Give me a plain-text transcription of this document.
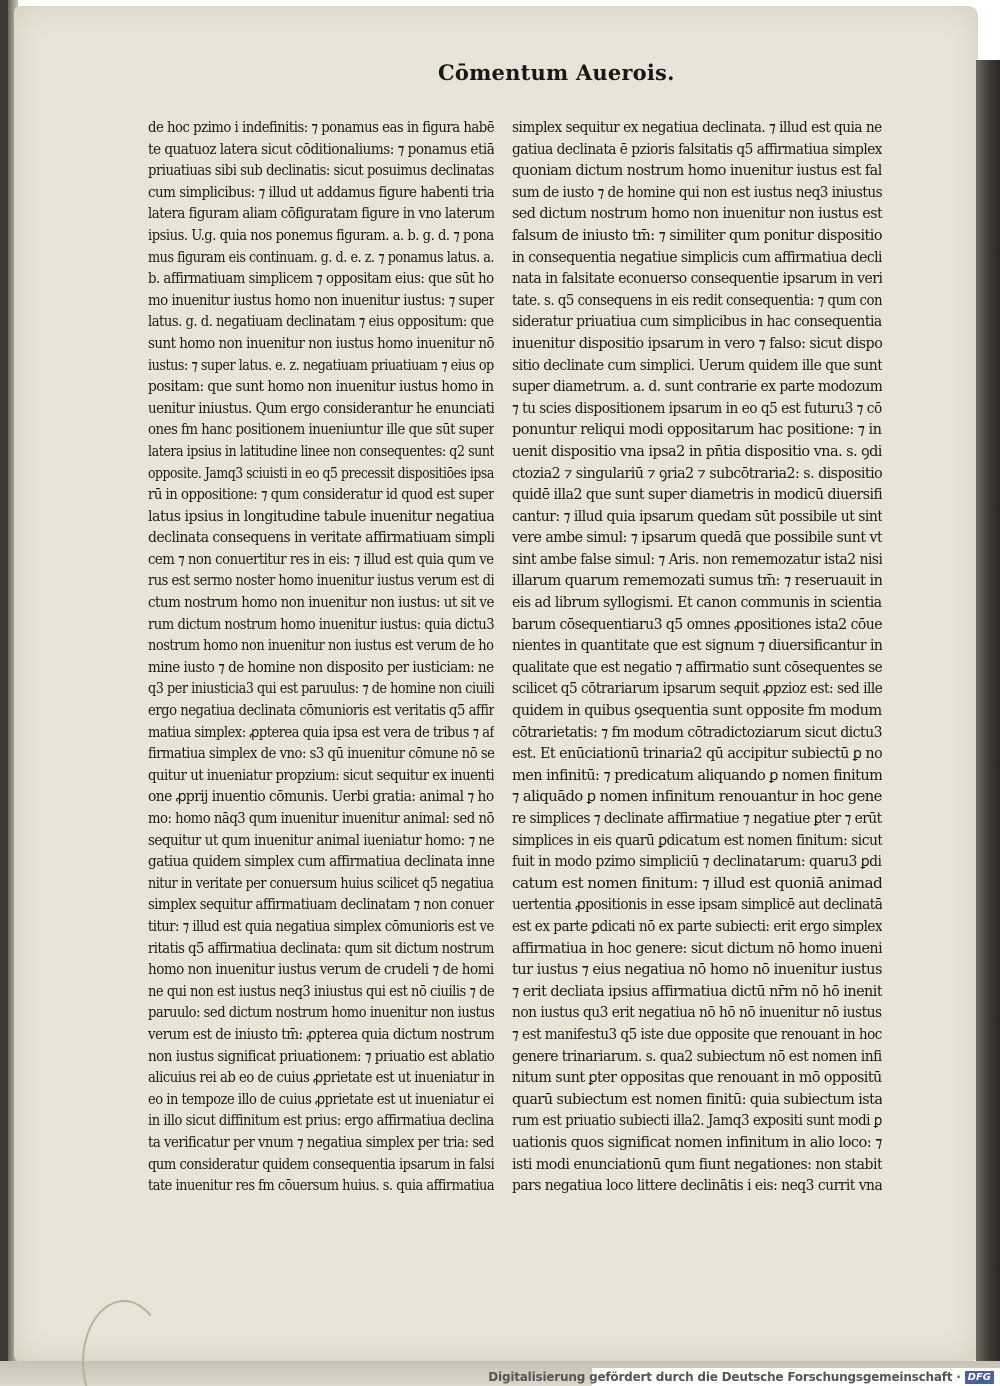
Cōmentum Auerois.
de hoc pzimo i indefinitis: ⁊ ponamus eas in figura habē
te quatuoz latera sicut cōditionaliums: ⁊ ponamus etiā
priuatiuas sibi sub declinatis: sicut posuimus declinatas
cum simplicibus: ⁊ illud ut addamus figure habenti tria
latera figuram aliam cōfiguratam figure in vno laterum
ipsius. U.g. quia nos ponemus figuram. a. b. g. d. ⁊ pona
mus figuram eis continuam. g. d. e. z. ⁊ ponamus latus. a.
b. affirmatiuam simplicem ⁊ oppositam eius: que sūt ho
mo inuenitur iustus homo non inuenitur iustus: ⁊ super
latus. g. d. negatiuam declinatam ⁊ eius oppositum: que
sunt homo non inuenitur non iustus homo inuenitur nō
iustus: ⁊ super latus. e. z. negatiuam priuatiuam ⁊ eius op
positam: que sunt homo non inuenitur iustus homo in
uenitur iniustus. Qum ergo considerantur he enunciati
ones fm hanc positionem inueniuntur ille que sūt super
latera ipsius in latitudine linee non consequentes: q2 sunt
opposite. Jamq3 sciuisti in eo q5 precessit dispositiōes ipsa
rū in oppositione: ⁊ qum consideratur id quod est super
latus ipsius in longitudine tabule inuenitur negatiua
declinata consequens in veritate affirmatiuam simpli
cem ⁊ non conuertitur res in eis: ⁊ illud est quia qum ve
rus est sermo noster homo inuenitur iustus verum est di
ctum nostrum homo non inuenitur non iustus: ut sit ve
rum dictum nostrum homo inuenitur iustus: quia dictu3
nostrum homo non inuenitur non iustus est verum de ho
mine iusto ⁊ de homine non disposito per iusticiam: ne
q3 per iniusticia3 qui est paruulus: ⁊ de homine non ciuili
ergo negatiua declinata cōmunioris est veritatis q5 affir
matiua simplex: ꝓpterea quia ipsa est vera de tribus ⁊ af
firmatiua simplex de vno: s3 qū inuenitur cōmune nō se
quitur ut inueniatur propzium: sicut sequitur ex inuenti
one ꝓprij inuentio cōmunis. Uerbi gratia: animal ⁊ ho
mo: homo nāq3 qum inuenitur inuenitur animal: sed nō
sequitur ut qum inuenitur animal iueniatur homo: ⁊ ne
gatiua quidem simplex cum affirmatiua declinata inne
nitur in veritate per conuersum huius scilicet q5 negatiua
simplex sequitur affirmatiuam declinatam ⁊ non conuer
titur: ⁊ illud est quia negatiua simplex cōmunioris est ve
ritatis q5 affirmatiua declinata: qum sit dictum nostrum
homo non inuenitur iustus verum de crudeli ⁊ de homi
ne qui non est iustus neq3 iniustus qui est nō ciuilis ⁊ de
paruulo: sed dictum nostrum homo inuenitur non iustus
verum est de iniusto tm̄: ꝓpterea quia dictum nostrum
non iustus significat priuationem: ⁊ priuatio est ablatio
alicuius rei ab eo de cuius ꝓprietate est ut inueniatur in
eo in tempoze illo de cuius ꝓprietate est ut inueniatur ei
in illo sicut diffinitum est prius: ergo affirmatiua declina
ta verificatur per vnum ⁊ negatiua simplex per tria: sed
qum consideratur quidem consequentia ipsarum in falsi
tate inuenitur res fm cōuersum huius. s. quia affirmatiua
simplex sequitur ex negatiua declinata. ⁊ illud est quia ne
gatiua declinata ē pzioris falsitatis q5 affirmatiua simplex
quoniam dictum nostrum homo inuenitur iustus est fal
sum de iusto ⁊ de homine qui non est iustus neq3 iniustus
sed dictum nostrum homo non inuenitur non iustus est
falsum de iniusto tm̄: ⁊ similiter qum ponitur dispositio
in consequentia negatiue simplicis cum affirmatiua decli
nata in falsitate econuerso consequentie ipsarum in veri
tate. s. q5 consequens in eis redit consequentia: ⁊ qum con
sideratur priuatiua cum simplicibus in hac consequentia
inuenitur dispositio ipsarum in vero ⁊ falso: sicut dispo
sitio declinate cum simplici. Uerum quidem ille que sunt
super diametrum. a. d. sunt contrarie ex parte modozum
⁊ tu scies dispositionem ipsarum in eo q5 est futuru3 ⁊ cō
ponuntur reliqui modi oppositarum hac positione: ⁊ in
uenit dispositio vna ipsa2 in pn̄tia dispositio vna. s. ꝯdi
ctozia2 ⁊ singulariū ⁊ ꝯria2 ⁊ subcōtraria2: s. dispositio
quidē illa2 que sunt super diametris in modicū diuersifi
cantur: ⁊ illud quia ipsarum quedam sūt possibile ut sint
vere ambe simul: ⁊ ipsarum quedā que possibile sunt vt
sint ambe false simul: ⁊ Aris. non rememozatur ista2 nisi
illarum quarum rememozati sumus tm̄: ⁊ reseruauit in
eis ad librum syllogismi. Et canon communis in scientia
barum cōsequentiaru3 q5 omnes ꝓpositiones ista2 cōue
nientes in quantitate que est signum ⁊ diuersificantur in
qualitate que est negatio ⁊ affirmatio sunt cōsequentes se
scilicet q5 cōtrariarum ipsarum sequit ꝓpzioz est: sed ille
quidem in quibus ꝯsequentia sunt opposite fm modum
cōtrarietatis: ⁊ fm modum cōtradictoziarum sicut dictu3
est. Et enūciationū trinaria2 qū accipitur subiectū ꝑ no
men infinitū: ⁊ predicatum aliquando ꝑ nomen finitum
⁊ aliquādo ꝑ nomen infinitum renouantur in hoc gene
re simplices ⁊ declinate affirmatiue ⁊ negatiue ꝑter ⁊ erūt
simplices in eis quarū ꝑdicatum est nomen finitum: sicut
fuit in modo pzimo simpliciū ⁊ declinatarum: quaru3 ꝑdi
catum est nomen finitum: ⁊ illud est quoniā animad
uertentia ꝓpositionis in esse ipsam simplicē aut declinatā
est ex parte ꝑdicati nō ex parte subiecti: erit ergo simplex
affirmatiua in hoc genere: sicut dictum nō homo inueni
tur iustus ⁊ eius negatiua nō homo nō inuenitur iustus
⁊ erit decliata ipsius affirmatiua dictū nr̄m nō hō inenit
non iustus qu3 erit negatiua nō hō nō inuenitur nō iustus
⁊ est manifestu3 q5 iste due opposite que renouant in hoc
genere trinariarum. s. qua2 subiectum nō est nomen infi
nitum sunt ꝑter oppositas que renouant in mō oppositū
quarū subiectum est nomen finitū: quia subiectum ista
rum est priuatio subiecti illa2. Jamq3 expositi sunt modi ꝑ
uationis quos significat nomen infinitum in alio loco: ⁊
isti modi enunciationū qum fiunt negationes: non stabit
pars negatiua loco littere declinātis i eis: neq3 currit vna
Digitalisierung gefördert durch die Deutsche Forschungsgemeinschaft · DFG
